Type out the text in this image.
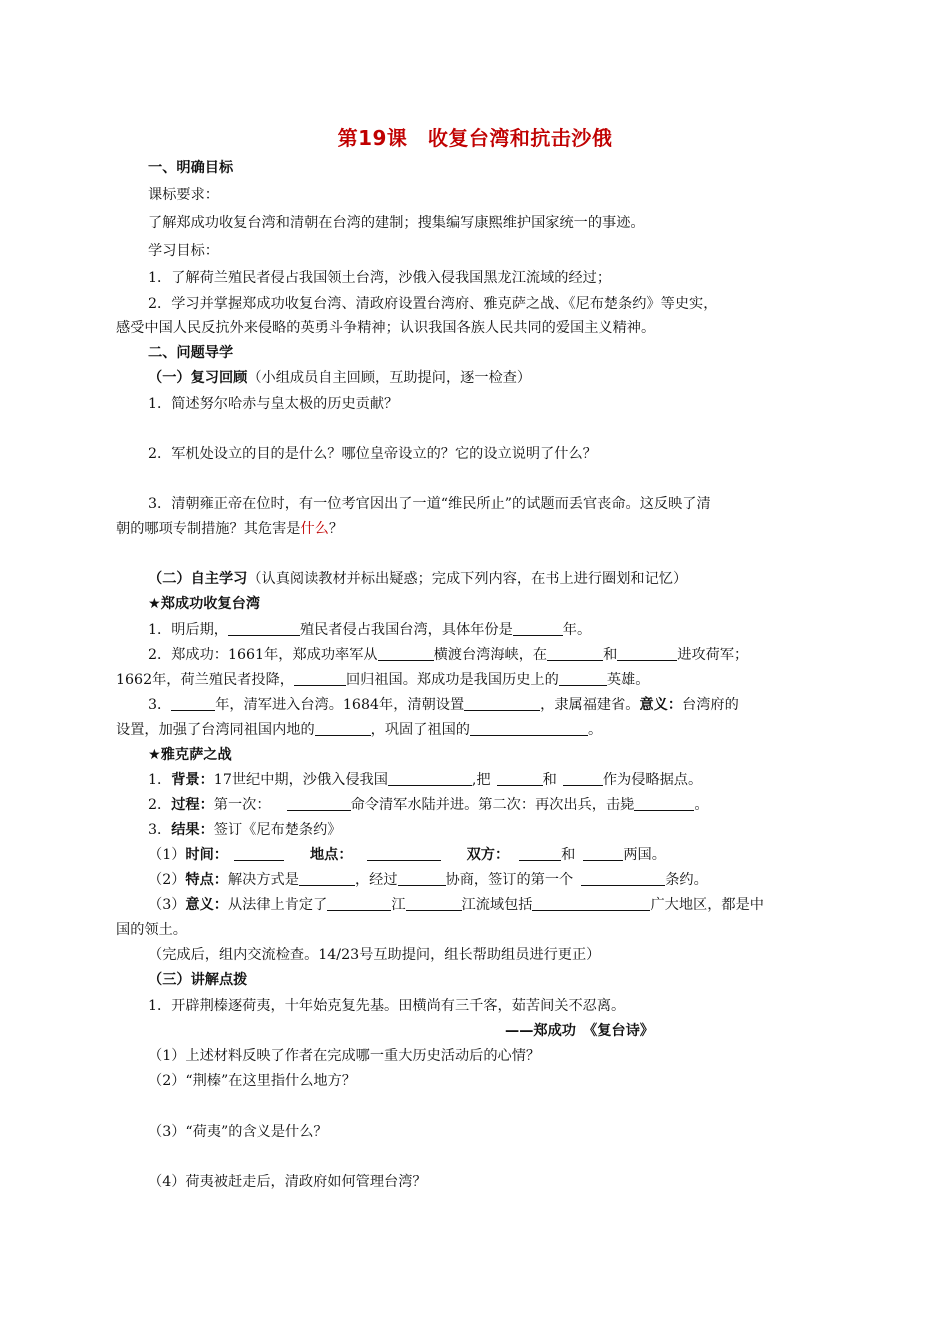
第19课　收复台湾和抗击沙俄
一、明确目标
课标要求：
了解郑成功收复台湾和清朝在台湾的建制；搜集编写康熙维护国家统一的事迹。
学习目标：
1．了解荷兰殖民者侵占我国领土台湾，沙俄入侵我国黑龙江流域的经过；
2．学习并掌握郑成功收复台湾、清政府设置台湾府、雅克萨之战、《尼布楚条约》等史实，
感受中国人民反抗外来侵略的英勇斗争精神；认识我国各族人民共同的爱国主义精神。
二、问题导学
（一）复习回顾（小组成员自主回顾，互助提问，逐一检查）
1．简述努尔哈赤与皇太极的历史贡献？
2．军机处设立的目的是什么？哪位皇帝设立的？它的设立说明了什么？
3．清朝雍正帝在位时，有一位考官因出了一道“维民所止”的试题而丢官丧命。这反映了清
朝的哪项专制措施？其危害是什么？
（二）自主学习（认真阅读教材并标出疑惑；完成下列内容，在书上进行圈划和记忆）
★郑成功收复台湾
1．明后期，	殖民者侵占我国台湾，具体年份是	年。
2．郑成功：1661年，郑成功率军从	横渡台湾海峡，在	和	进攻荷军；
1662年，荷兰殖民者投降，	回归祖国。郑成功是我国历史上的	英雄。
3．	年，清军进入台湾。1684年，清朝设置	，隶属福建省。意义：台湾府的
设置，加强了台湾同祖国内地的	，巩固了祖国的	。
★雅克萨之战
1．背景：17世纪中期，沙俄入侵我国	,把	和	作为侵略据点。
2．过程：第一次：	命令清军水陆并进。第二次：再次出兵，击毙	。
3．结果：签订《尼布楚条约》
（1）时间：	地点：	双方：	和	两国。
（2）特点：解决方式是	，经过	协商，签订的第一个	条约。
（3）意义：从法律上肯定了	江	江流域包括	广大地区，都是中
国的领土。
（完成后，组内交流检查。14/23号互助提问，组长帮助组员进行更正）
（三）讲解点拨
1．开辟荆榛逐荷夷，十年始克复先基。田横尚有三千客，茹苦间关不忍离。
——郑成功　《复台诗》
（1）上述材料反映了作者在完成哪一重大历史活动后的心情？
（2）“荆榛”在这里指什么地方？
（3）“荷夷”的含义是什么？
（4）荷夷被赶走后，清政府如何管理台湾？
